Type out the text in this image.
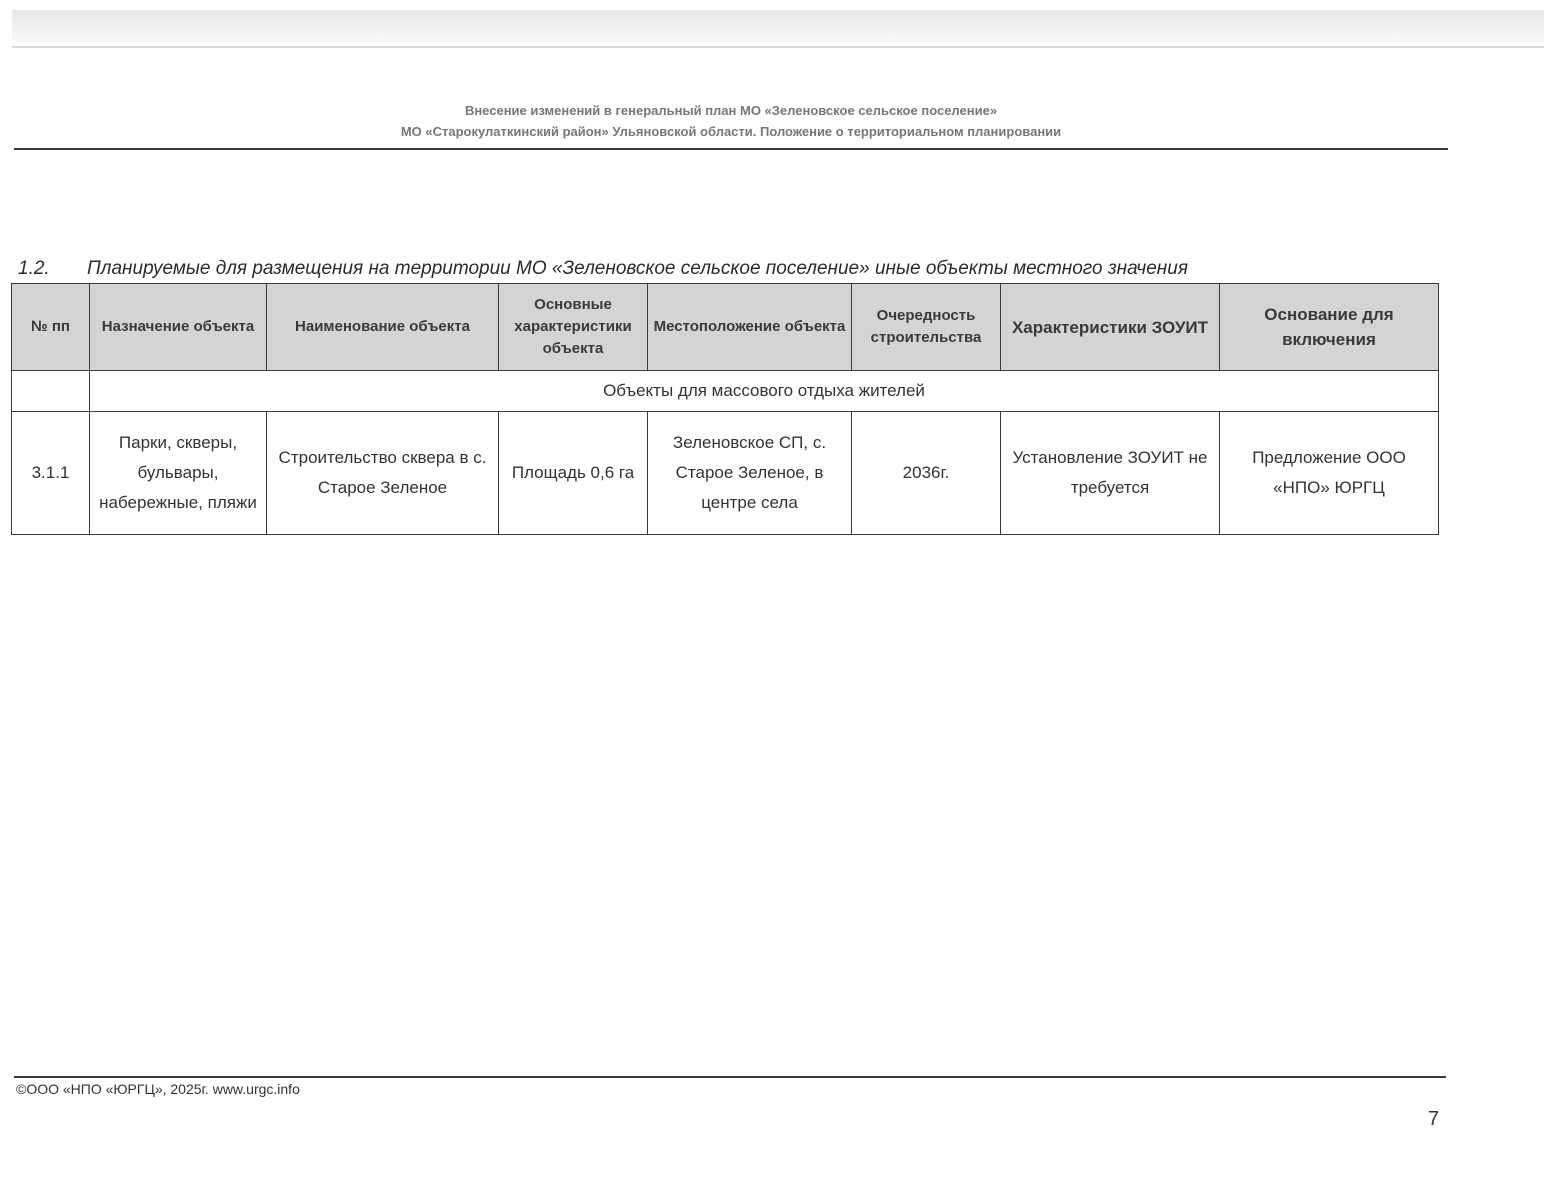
Внесение изменений в генеральный план МО «Зеленовское сельское поселение»
МО «Старокулаткинский район» Ульяновской области. Положение о территориальном планировании
1.2. Планируемые для размещения на территории МО «Зеленовское сельское поселение» иные объекты местного значения
№ пп	Назначение объекта	Наименование объекта	Основные характеристики объекта	Местоположение объекта	Очередность строительства	Характеристики ЗОУИТ	Основание для включения
	Объекты для массового отдыха жителей						
3.1.1	Парки, скверы, бульвары, набережные, пляжи	Строительство сквера в с. Старое Зеленое	Площадь 0,6 га	Зеленовское СП, с. Старое Зеленое, в центре села	2036г.	Установление ЗОУИТ не требуется	Предложение ООО «НПО» ЮРГЦ
©ООО «НПО «ЮРГЦ», 2025г. www.urgc.info
7
